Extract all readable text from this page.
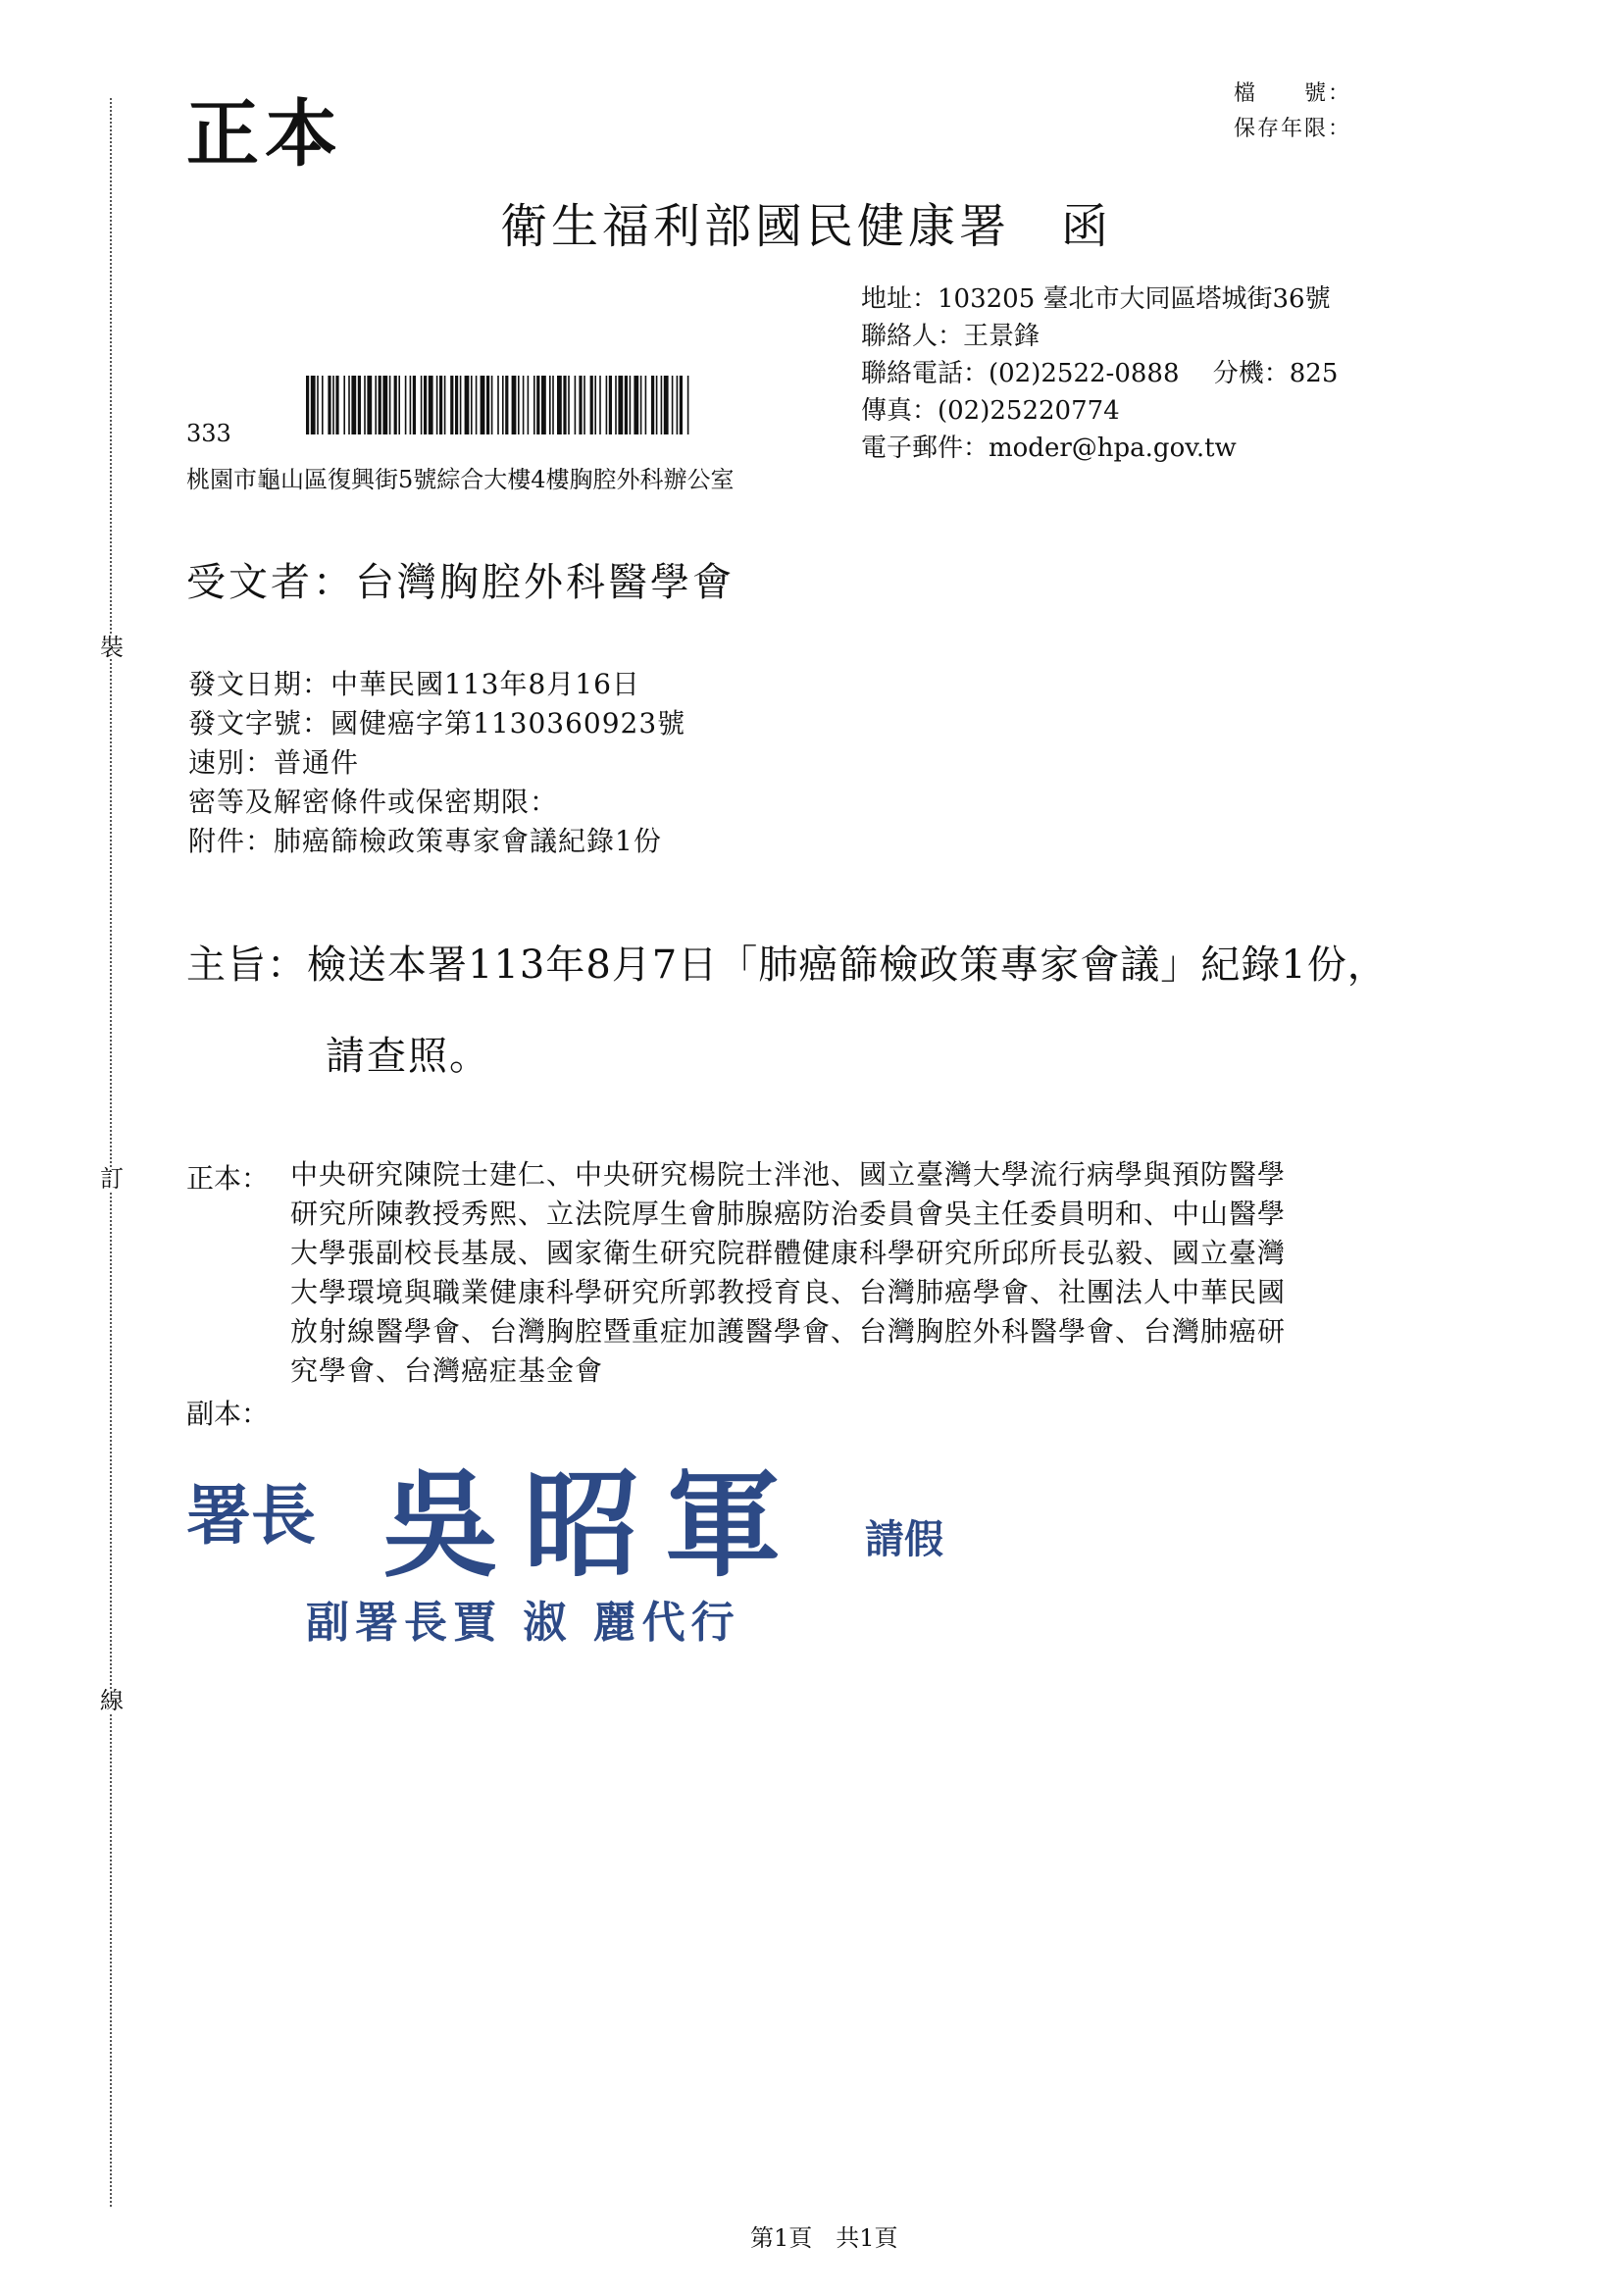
裝
訂
線
正本	檔　　號：
保存年限：
衛生福利部國民健康署　函
地址：103205 臺北市大同區塔城街36號
聯絡人：王景鋒
聯絡電話：(02)2522-0888　 分機：825
傳真：(02)25220774
電子郵件：moder@hpa.gov.tw
333
桃園市龜山區復興街5號綜合大樓4樓胸腔外科辦公室
受文者：台灣胸腔外科醫學會
發文日期：中華民國113年8月16日
發文字號：國健癌字第1130360923號
速別：普通件
密等及解密條件或保密期限：
附件：肺癌篩檢政策專家會議紀錄1份
主旨：檢送本署113年8月7日「肺癌篩檢政策專家會議」紀錄1份，
請查照。
正本： 中央研究陳院士建仁、中央研究楊院士泮池、國立臺灣大學流行病學與預防醫學
研究所陳教授秀熙、立法院厚生會肺腺癌防治委員會吳主任委員明和、中山醫學
大學張副校長基晟、國家衛生研究院群體健康科學研究所邱所長弘毅、國立臺灣
大學環境與職業健康科學研究所郭教授育良、台灣肺癌學會、社團法人中華民國
放射線醫學會、台灣胸腔暨重症加護醫學會、台灣胸腔外科醫學會、台灣肺癌研
究學會、台灣癌症基金會
副本：
署長 吳昭軍 請假
副署長賈 淑 麗代行
第1頁　共1頁
